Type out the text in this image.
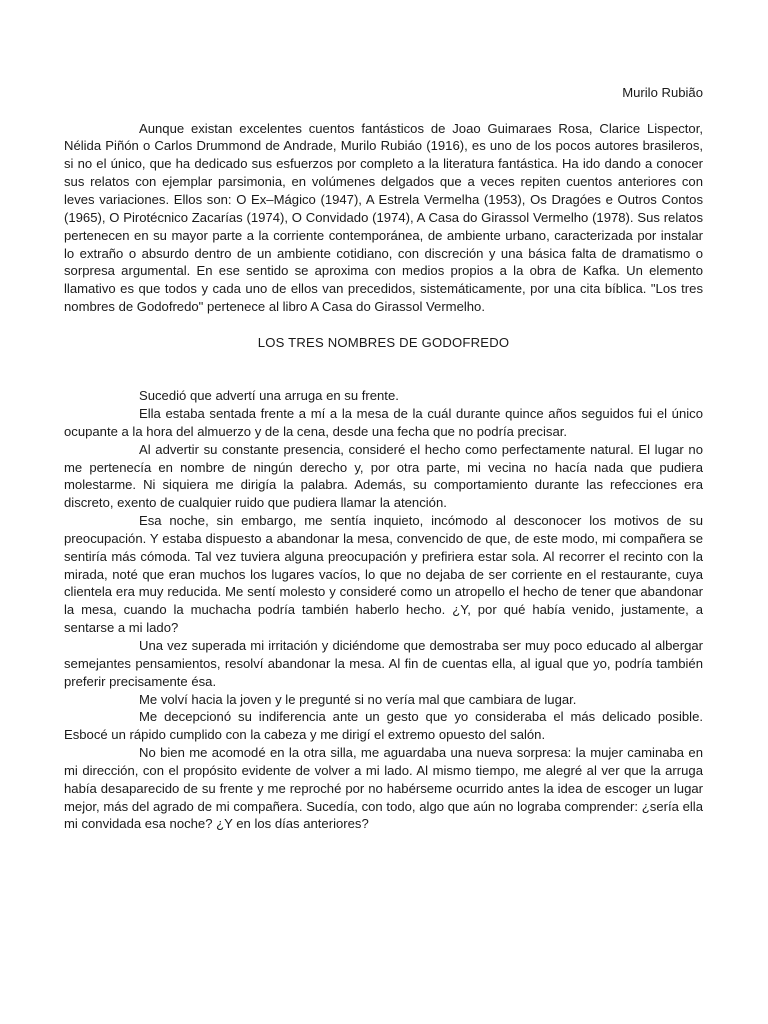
Murilo Rubião

Aunque existan excelentes cuentos fantásticos de Joao Guimaraes Rosa, Clarice Lispector, Nélida Piñón o Carlos Drummond de Andrade, Murilo Rubiáo (1916), es uno de los pocos autores brasileros, si no el único, que ha dedicado sus esfuerzos por completo a la literatura fantástica. Ha ido dando a conocer sus relatos con ejemplar parsimonia, en volúmenes delgados que a veces repiten cuentos anteriores con leves variaciones. Ellos son: O Ex–Mágico (1947), A Estrela Vermelha (1953), Os Dragóes e Outros Contos (1965), O Pirotécnico Zacarías (1974), O Convidado (1974), A Casa do Girassol Vermelho (1978). Sus relatos pertenecen en su mayor parte a la corriente contemporánea, de ambiente urbano, caracterizada por instalar lo extraño o absurdo dentro de un ambiente cotidiano, con discreción y una básica falta de dramatismo o sorpresa argumental. En ese sentido se aproxima con medios propios a la obra de Kafka. Un elemento llamativo es que todos y cada uno de ellos van precedidos, sistemáticamente, por una cita bíblica. "Los tres nombres de Godofredo" pertenece al libro A Casa do Girassol Vermelho.

LOS TRES NOMBRES DE GODOFREDO

Sucedió que advertí una arruga en su frente.

Ella estaba sentada frente a mí a la mesa de la cuál durante quince años seguidos fui el único ocupante a la hora del almuerzo y de la cena, desde una fecha que no podría precisar.

Al advertir su constante presencia, consideré el hecho como perfectamente natural. El lugar no me pertenecía en nombre de ningún derecho y, por otra parte, mi vecina no hacía nada que pudiera molestarme. Ni siquiera me dirigía la palabra. Además, su comportamiento durante las refecciones era discreto, exento de cualquier ruido que pudiera llamar la atención.

Esa noche, sin embargo, me sentía inquieto, incómodo al desconocer los motivos de su preocupación. Y estaba dispuesto a abandonar la mesa, convencido de que, de este modo, mi compañera se sentiría más cómoda. Tal vez tuviera alguna preocupación y prefiriera estar sola. Al recorrer el recinto con la mirada, noté que eran muchos los lugares vacíos, lo que no dejaba de ser corriente en el restaurante, cuya clientela era muy reducida. Me sentí molesto y consideré como un atropello el hecho de tener que abandonar la mesa, cuando la muchacha podría también haberlo hecho. ¿Y, por qué había venido, justamente, a sentarse a mi lado?

Una vez superada mi irritación y diciéndome que demostraba ser muy poco educado al albergar semejantes pensamientos, resolví abandonar la mesa. Al fin de cuentas ella, al igual que yo, podría también preferir precisamente ésa.

Me volví hacia la joven y le pregunté si no vería mal que cambiara de lugar.

Me decepcionó su indiferencia ante un gesto que yo consideraba el más delicado posible. Esbocé un rápido cumplido con la cabeza y me dirigí el extremo opuesto del salón.

No bien me acomodé en la otra silla, me aguardaba una nueva sorpresa: la mujer caminaba en mi dirección, con el propósito evidente de volver a mi lado. Al mismo tiempo, me alegré al ver que la arruga había desaparecido de su frente y me reproché por no habérseme ocurrido antes la idea de escoger un lugar mejor, más del agrado de mi compañera. Sucedía, con todo, algo que aún no lograba comprender: ¿sería ella mi convidada esa noche? ¿Y en los días anteriores?
